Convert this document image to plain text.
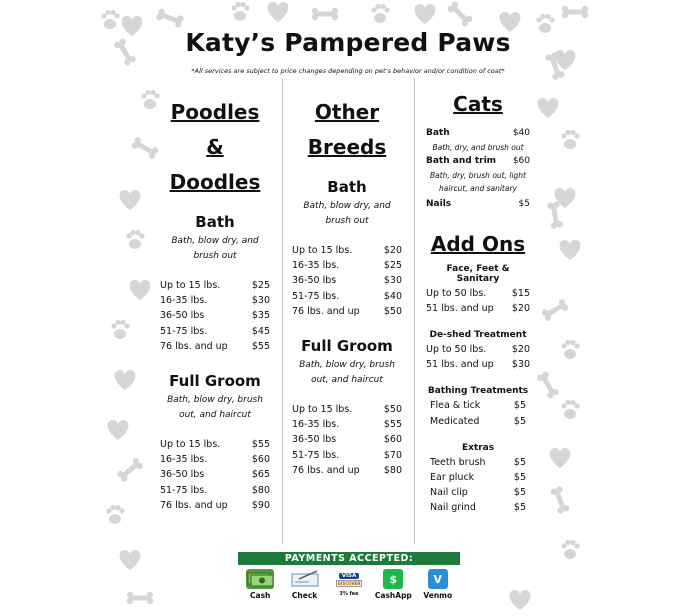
Katy’s Pampered Paws
*All services are subject to price changes depending on pet’s behavior and/or condition of coat*
Poodles &
Doodles
Bath
Bath, blow dry, and
brush out
Up to 15 lbs.	$25
16-35 lbs.	$30
36-50 lbs	$35
51-75 lbs.	$45
76 lbs. and up	$55
Full Groom
Bath, blow dry, brush
out, and haircut
Up to 15 lbs.	$55
16-35 lbs.	$60
36-50 lbs	$65
51-75 lbs.	$80
76 lbs. and up	$90
Other
Breeds
Bath
Bath, blow dry, and
brush out
Up to 15 lbs.	$20
16-35 lbs.	$25
36-50 lbs	$30
51-75 lbs.	$40
76 lbs. and up	$50
Full Groom
Bath, blow dry, brush
out, and haircut
Up to 15 lbs.	$50
16-35 lbs.	$55
36-50 lbs	$60
51-75 lbs.	$70
76 lbs. and up	$80
Cats
Bath	$40
Bath, dry, and brush out
Bath and trim $60
Bath, dry, brush out, light
haircut, and sanitary
Nails	$5
Add Ons
Face, Feet & Sanitary
Up to 50 lbs.	$15
51 lbs. and up $20
De-shed Treatment
Up to 50 lbs.	$20
51 lbs. and up $30
Bathing Treatments
Flea & tick	$5
Medicated	$5
Extras
Teeth brush	$5
Ear pluck	$5
Nail clip	$5
Nail grind	$5
PAYMENTS ACCEPTED:
Cash	Check
VISA
DISCOVER
3% fee
$
CashApp
V
Venmo
